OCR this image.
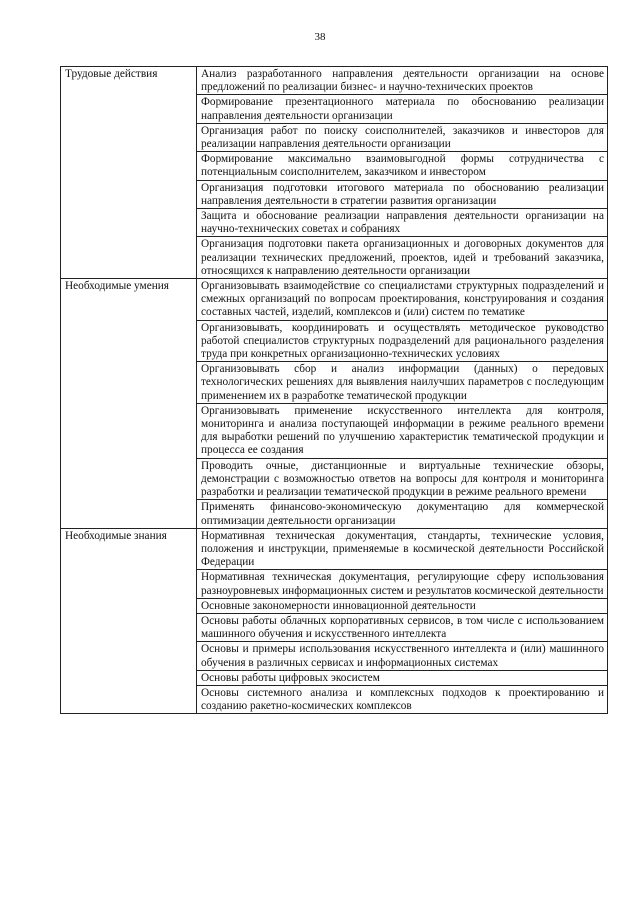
38
Трудовые действия	Анализ разработанного направления деятельности организации на основе предложений по реализации бизнес- и научно-технических проектов
	Формирование презентационного материала по обоснованию реализации направления деятельности организации
	Организация работ по поиску соисполнителей, заказчиков и инвесторов для реализации направления деятельности организации
	Формирование максимально взаимовыгодной формы сотрудничества с потенциальным соисполнителем, заказчиком и инвестором
	Организация подготовки итогового материала по обоснованию реализации направления деятельности в стратегии развития организации
	Защита и обоснование реализации направления деятельности организации на научно-технических советах и собраниях
	Организация подготовки пакета организационных и договорных документов для реализации технических предложений, проектов, идей и требований заказчика, относящихся к направлению деятельности организации
Необходимые умения	Организовывать взаимодействие со специалистами структурных подразделений и смежных организаций по вопросам проектирования, конструирования и создания составных частей, изделий, комплексов и (или) систем по тематике
	Организовывать, координировать и осуществлять методическое руководство работой специалистов структурных подразделений для рационального разделения труда при конкретных организационно-технических условиях
	Организовывать сбор и анализ информации (данных) о передовых технологических решениях для выявления наилучших параметров с последующим применением их в разработке тематической продукции
	Организовывать применение искусственного интеллекта для контроля, мониторинга и анализа поступающей информации в режиме реального времени для выработки решений по улучшению характеристик тематической продукции и процесса ее создания
	Проводить очные, дистанционные и виртуальные технические обзоры, демонстрации с возможностью ответов на вопросы для контроля и мониторинга разработки и реализации тематической продукции в режиме реального времени
	Применять финансово-экономическую документацию для коммерческой оптимизации деятельности организации
Необходимые знания	Нормативная техническая документация, стандарты, технические условия, положения и инструкции, применяемые в космической деятельности Российской Федерации
	Нормативная техническая документация, регулирующие сферу использования разноуровневых информационных систем и результатов космической деятельности
	Основные закономерности инновационной деятельности
	Основы работы облачных корпоративных сервисов, в том числе с использованием машинного обучения и искусственного интеллекта
	Основы и примеры использования искусственного интеллекта и (или) машинного обучения в различных сервисах и информационных системах
	Основы работы цифровых экосистем
	Основы системного анализа и комплексных подходов к проектированию и созданию ракетно-космических комплексов
